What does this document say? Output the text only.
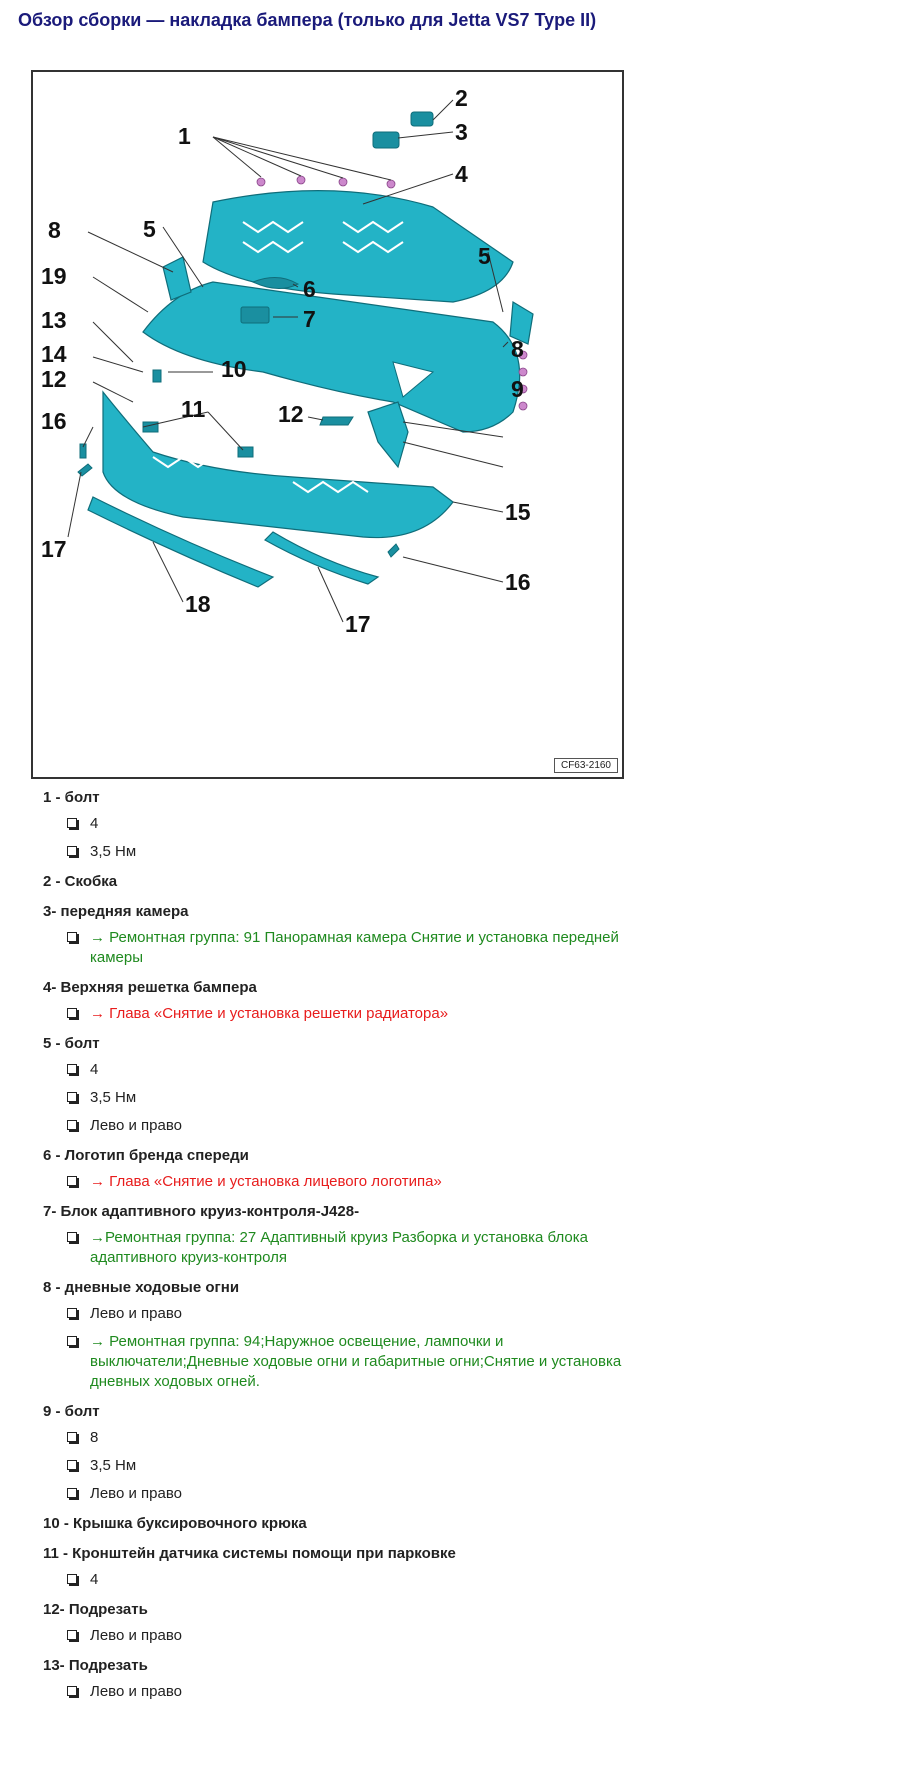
Обзор сборки — накладка бампера (только для Jetta VS7 Type II)
1
2
3
4
5
6
7
8
9
10
11
12
13
14
15
16
17
18
19
5
8
12
16
17
CF63-2160
1 - болт
4
3,5 Нм
2 - Скобка
3- передняя камера
→ Ремонтная группа: 91 Панорамная камера Снятие и установка передней камеры
4- Верхняя решетка бампера
→ Глава «Снятие и установка решетки радиатора»
5 - болт
4
3,5 Нм
Лево и право
6 - Логотип бренда спереди
→ Глава «Снятие и установка лицевого логотипа»
7- Блок адаптивного круиз-контроля-J428-
→Ремонтная группа: 27 Адаптивный круиз Разборка и установка блока адаптивного круиз-контроля
8 - дневные ходовые огни
Лево и право
→ Ремонтная группа: 94;Наружное освещение, лампочки и выключатели;Дневные ходовые огни и габаритные огни;Снятие и установка дневных ходовых огней.
9 - болт
8
3,5 Нм
Лево и право
10 - Крышка буксировочного крюка
11 - Кронштейн датчика системы помощи при парковке
4
12- Подрезать
Лево и право
13- Подрезать
Лево и право
